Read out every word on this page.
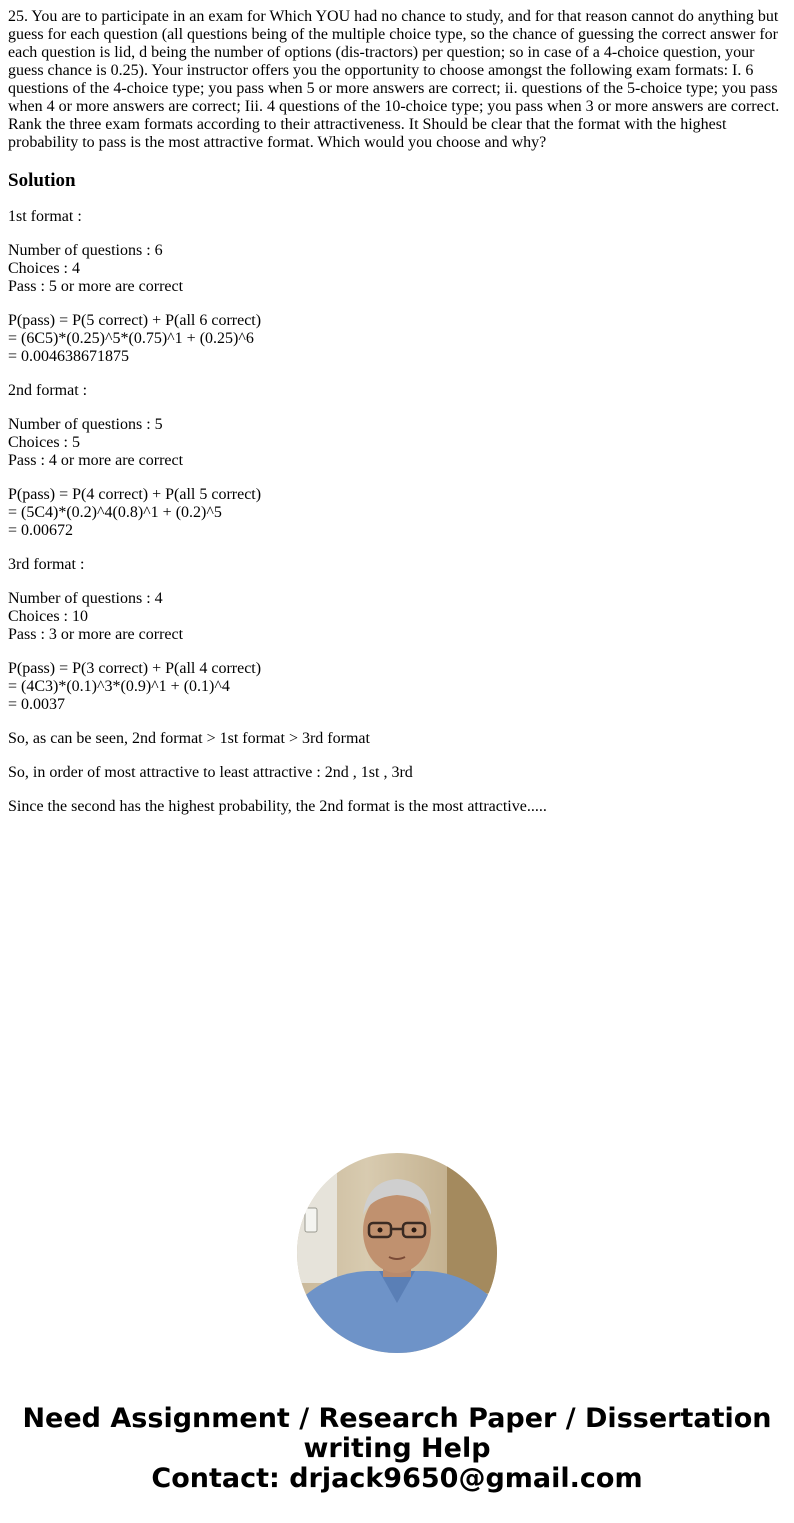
25. You are to participate in an exam for Which YOU had no chance to study, and for that reason cannot do anything but guess for each question (all questions being of the multiple choice type, so the chance of guessing the correct answer for each question is lid, d being the number of options (dis-tractors) per question; so in case of a 4-choice question, your guess chance is 0.25). Your instructor offers you the opportunity to choose amongst the following exam formats: I. 6 questions of the 4-choice type; you pass when 5 or more answers are correct; ii. questions of the 5-choice type; you pass when 4 or more answers are correct; Iii. 4 questions of the 10-choice type; you pass when 3 or more answers are correct. Rank the three exam formats according to their attractiveness. It Should be clear that the format with the highest probability to pass is the most attractive format. Which would you choose and why?

Solution
1st format :
Number of questions : 6
Choices : 4
Pass : 5 or more are correct
P(pass) = P(5 correct) + P(all 6 correct)
= (6C5)*(0.25)^5*(0.75)^1 + (0.25)^6
= 0.004638671875
2nd format :
Number of questions : 5
Choices : 5
Pass : 4 or more are correct
P(pass) = P(4 correct) + P(all 5 correct)
= (5C4)*(0.2)^4(0.8)^1 + (0.2)^5
= 0.00672
3rd format :
Number of questions : 4
Choices : 10
Pass : 3 or more are correct
P(pass) = P(3 correct) + P(all 4 correct)
= (4C3)*(0.1)^3*(0.9)^1 + (0.1)^4
= 0.0037
So, as can be seen, 2nd format > 1st format > 3rd format
So, in order of most attractive to least attractive : 2nd , 1st , 3rd
Since the second has the highest probability, the 2nd format is the most attractive.....
Need Assignment / Research Paper / Dissertation
writing Help
Contact: drjack9650@gmail.com
